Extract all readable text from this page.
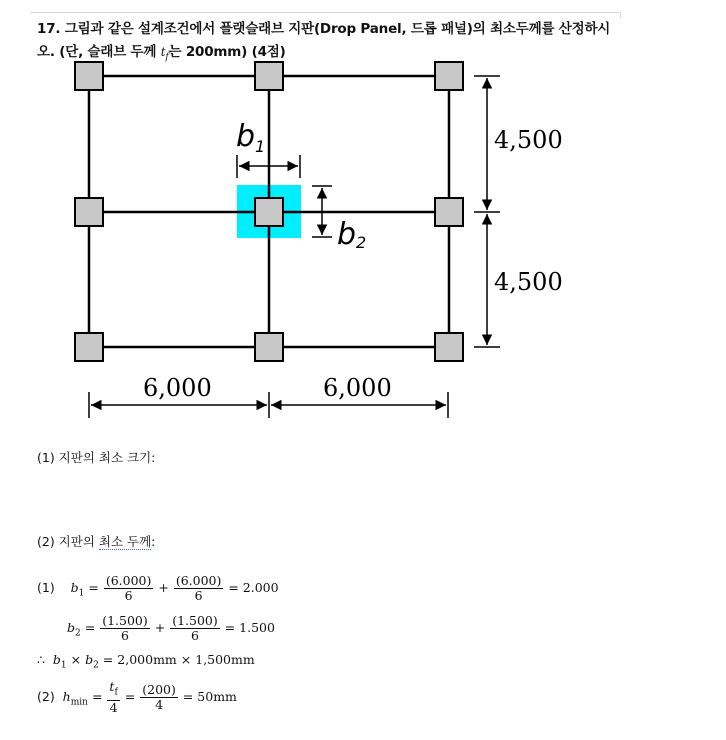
17. 그림과 같은 설계조건에서 플랫슬래브 지판(Drop Panel, 드롭 패널)의 최소두께를 산정하시
오. (단, 슬래브 두께 $t_f$는 200mm) (4점)
$b_1$
b2
4,500
4,500
6,000	6,000
(1) 지판의 최소 크기:
(2) 지판의 최소 두께:
(1) $b_1 = \frac{(6.000)}{6} + \frac{(6.000)}{6} = 2.000$
$b_2 = \frac{(1.500)}{6} + \frac{(1.500)}{6} = 1.500$
∴ $b_1 \times b_2 = 2,000mm \times 1,500mm$
(2) $h_{min} = \frac{t_f}{4} = \frac{(200)}{4} = 50mm$
